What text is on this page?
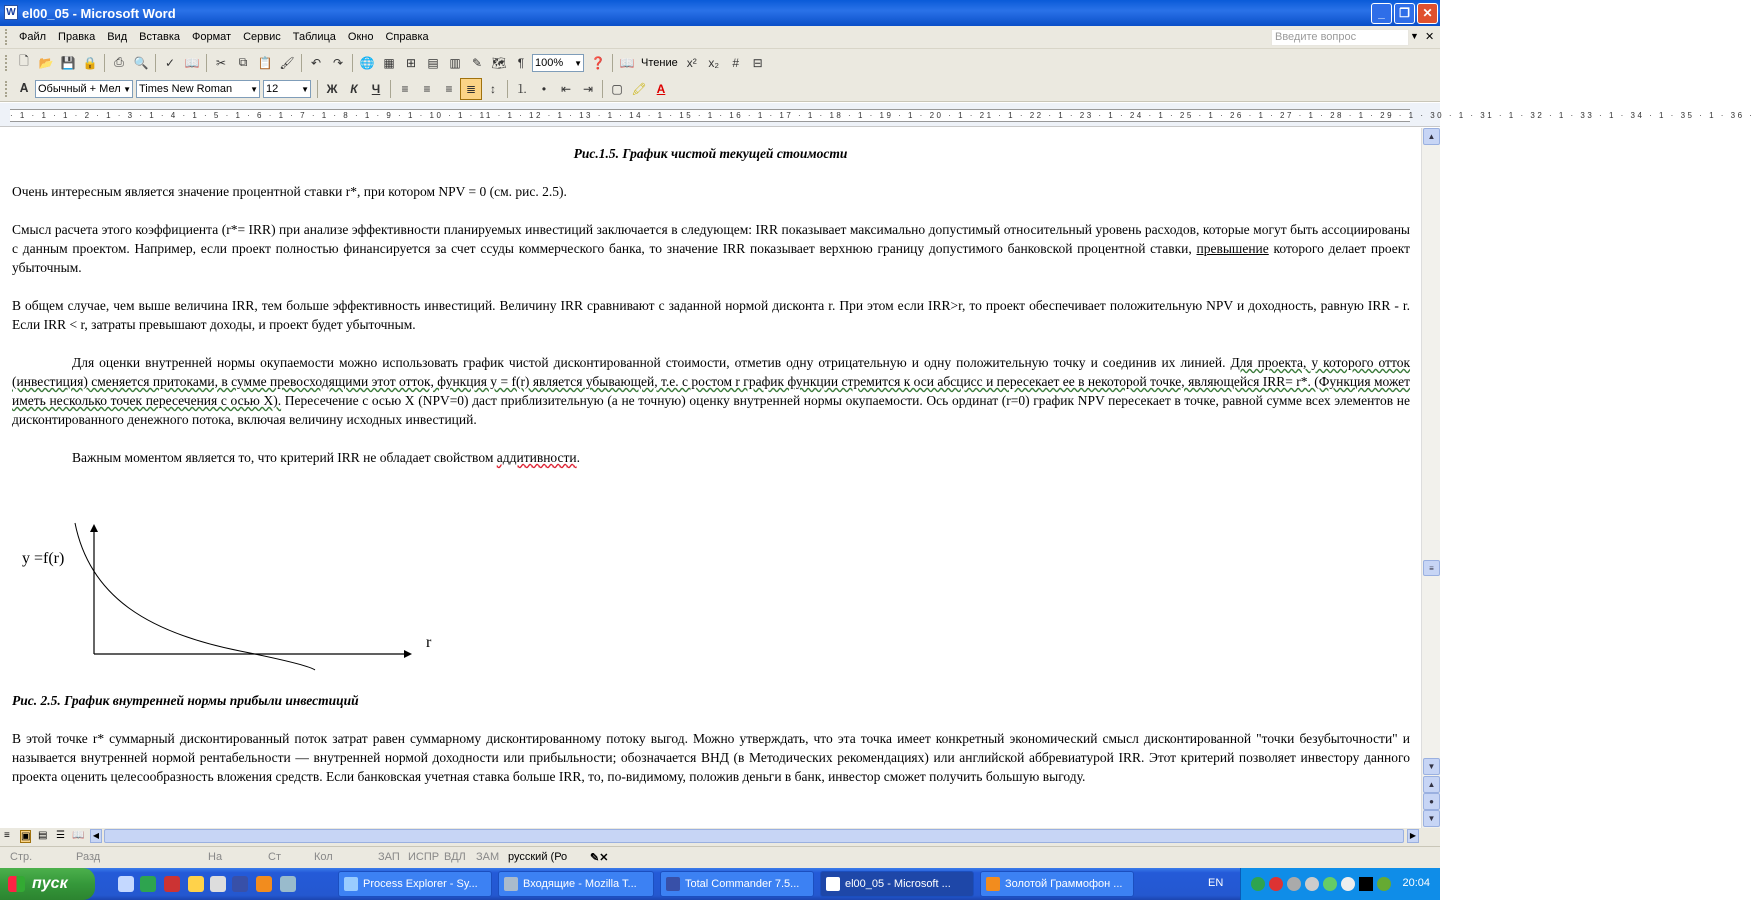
W el00_05 - Microsoft Word	_	❐	✕
Файл	Правка	Вид	Вставка	Формат	Сервис	Таблица	Окно	Справка	Введите вопрос	▼ ✕
🗋 📂 💾 🔒	⎙ 🔍	✓ 📖	✂	⧉ 📋 🖌	↶ ↷	🌐 ▦ ⊞ ▤ ▥ ✎ 🗺 ¶ 100% ▼ ❓ 📖 Чтение x² x₂	#	⊟
𝐀 Обычный + Мел ▼ Times New Roman ▼ 12	▼	Ж	К	Ч	≡	≡	≡	≣	↕	⒈	•	⇤ ⇥	▢ 🖍 A
· 1 · 1 · 1 · 2 · 1 · 3 · 1 · 4 · 1 · 5 · 1 · 6 · 1 · 7 · 1 · 8 · 1 · 9 · 1 · 10 · 1 · 11 · 1 · 12 · 1 · 13 · 1 · 14 · 1 · 15 · 1 · 16 · 1 · 17 · 1 · 18 · 1 · 19 · 1 · 20 · 1 · 21 · 1 · 22 · 1 · 23 · 1 · 24 · 1 · 25 · 1 · 26 · 1 · 27 · 1 · 28 · 1 · 29 · 1 · 30 · 1 · 31 · 1 · 32 · 1 · 33 · 1 · 34 · 1 · 35 · 1 · 36 ·
Рис.1.5. График чистой текущей стоимости
Очень интересным является значение процентной ставки r*, при котором NPV = 0 (см. рис. 2.5).
Смысл расчета этого коэффициента (r*= IRR) при анализе эффективности планируемых инвестиций заключается в следующем: IRR показывает максимально допустимый относительный уровень расходов, которые могут быть ассоциированы с данным проектом. Например, если проект полностью финансируется за счет ссуды коммерческого банка, то значение IRR показывает верхнюю границу допустимого банковской процентной ставки, превышение которого делает проект убыточным.
В общем случае, чем выше величина IRR, тем больше эффективность инвестиций. Величину IRR сравнивают с заданной нормой дисконта r. При этом если IRR>r, то проект обеспечивает положительную NPV и доходность, равную IRR - r. Если IRR < r, затраты превышают доходы, и проект будет убыточным.
Для оценки внутренней нормы окупаемости можно использовать график чистой дисконтированной стоимости, отметив одну отрицательную и одну положительную точку и соединив их линией. Для проекта, у которого отток (инвестиция) сменяется притоками, в сумме превосходящими этот отток, функция y = f(r) является убывающей, т.е. с ростом r график функции стремится к оси абсцисс и пересекает ее в некоторой точке, являющейся IRR= r*. (Функция может иметь несколько точек пересечения с осью X). Пересечение с осью X (NPV=0) даст приблизительную (а не точную) оценку внутренней нормы окупаемости. Ось ординат (r=0) график NPV пересекает в точке, равной сумме всех элементов не дисконтированного денежного потока, включая величину исходных инвестиций.
Важным моментом является то, что критерий IRR не обладает свойством аддитивности.
y =f(r)
r
Рис. 2.5. График внутренней нормы прибыли инвестиций
В этой точке r* суммарный дисконтированный поток затрат равен суммарному дисконтированному потоку выгод. Можно утверждать, что эта точка имеет конкретный экономический смысл дисконтированной "точки безубыточности" и называется внутренней нормой рентабельности — внутренней нормой доходности или прибыльности; обозначается ВНД (в Методических рекомендациях) или английской аббревиатурой IRR. Этот критерий позволяет инвестору данного проекта оценить целесообразность вложения средств. Если банковская учетная ставка больше IRR, то, по-видимому, положив деньги в банк, инвестор сможет получить большую выгоду.
▲
≡
▼
▲
●
▼
≡ ▣ ▤ ☰ 📖	◀	▶
Стр.	Разд	На	Ст	Кол	ЗАП ИСПР ВДЛ ЗАМ русский (Ро ✎✕
пуск	Process Explorer - Sy...	Входящие - Mozilla T...	Total Commander 7.5...	el00_05 - Microsoft ...	Золотой Граммофон ...	EN	20:04
